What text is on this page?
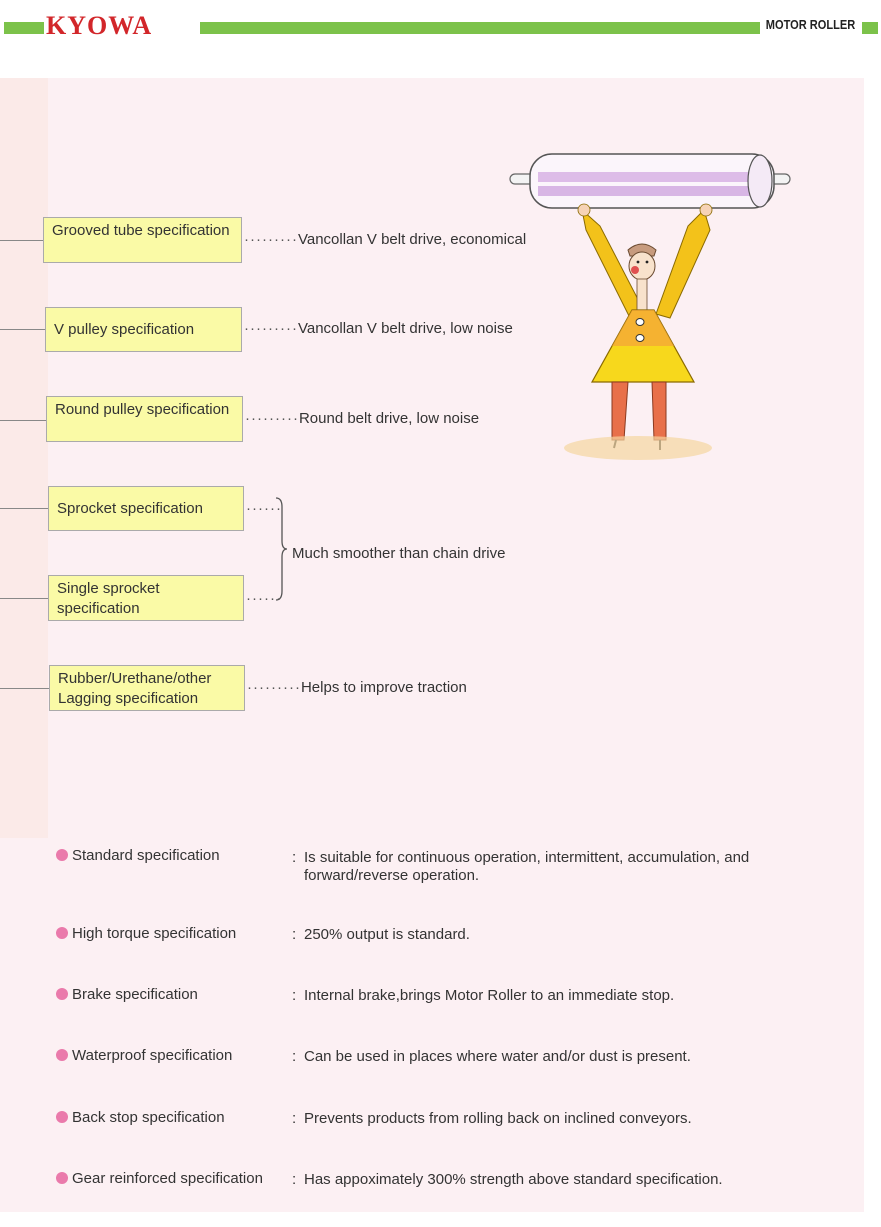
KYOWA	MOTOR ROLLER
Grooved tube specification
·········Vancollan V belt drive, economical
V pulley specification	·········Vancollan V belt drive, low noise
Round pulley specification
·········Round belt drive, low noise
Sprocket specification	······
Single sprocket specification
······
Much smoother than chain drive
Rubber/Urethane/other Lagging specification
·········Helps to improve traction
Standard specification	: Is suitable for continuous operation, intermittent, accumulation, and forward/reverse operation.
High torque specification	: 250% output is standard.
Brake specification	: Internal brake,brings Motor Roller to an immediate stop.
Waterproof specification	: Can be used in places where water and/or dust is present.
Back stop specification	: Prevents products from rolling back on inclined conveyors.
Gear reinforced specification : Has appoximately 300% strength above standard specification.
